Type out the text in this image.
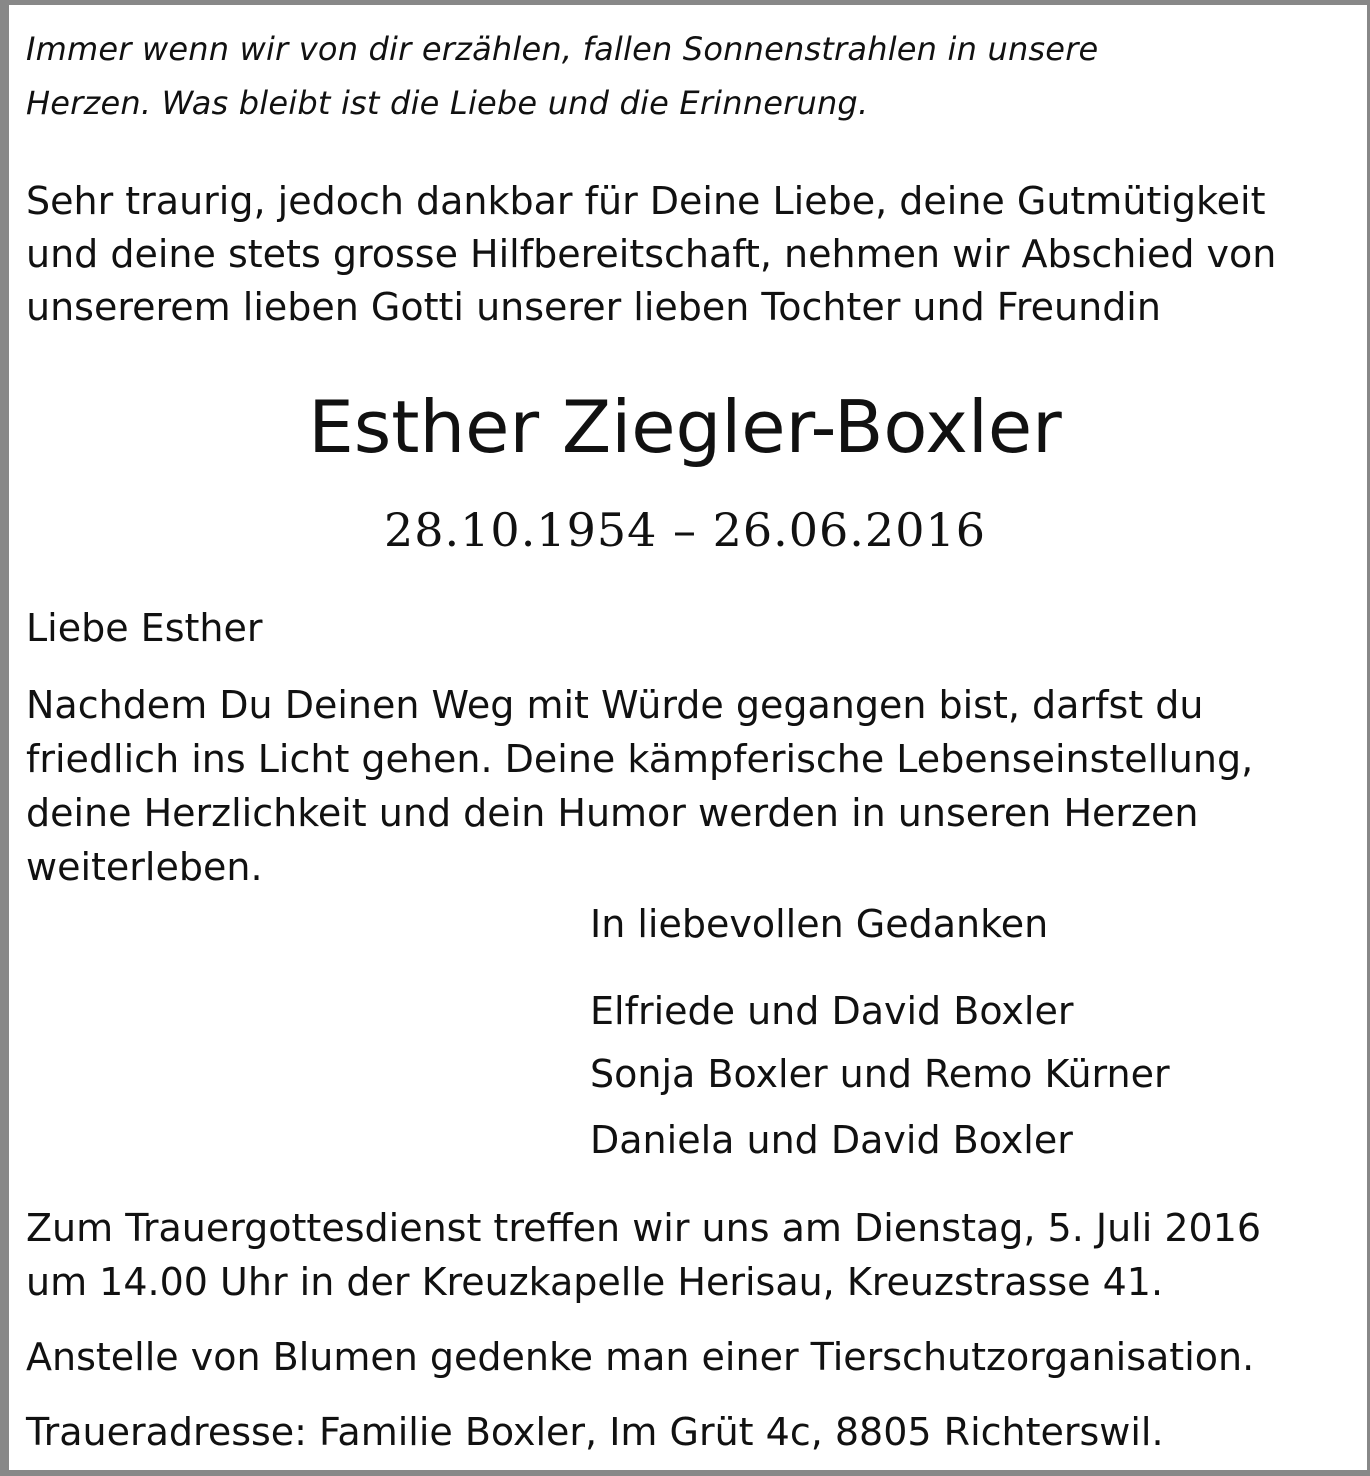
Immer wenn wir von dir erzählen, fallen Sonnenstrahlen in unsere
Herzen. Was bleibt ist die Liebe und die Erinnerung.
Sehr traurig, jedoch dankbar für Deine Liebe, deine Gutmütigkeit
und deine stets grosse Hilfbereitschaft, nehmen wir Abschied von
unsererem lieben Gotti unserer lieben Tochter und Freundin
Esther Ziegler-Boxler
28.10.1954 – 26.06.2016
Liebe Esther
Nachdem Du Deinen Weg mit Würde gegangen bist, darfst du
friedlich ins Licht gehen. Deine kämpferische Lebenseinstellung,
deine Herzlichkeit und dein Humor werden in unseren Herzen
weiterleben.
In liebevollen Gedanken
Elfriede und David Boxler
Sonja Boxler und Remo Kürner
Daniela und David Boxler
Zum Trauergottesdienst treffen wir uns am Dienstag, 5. Juli 2016
um 14.00 Uhr in der Kreuzkapelle Herisau, Kreuzstrasse 41.
Anstelle von Blumen gedenke man einer Tierschutzorganisation.
Traueradresse: Familie Boxler, Im Grüt 4c, 8805 Richterswil.
